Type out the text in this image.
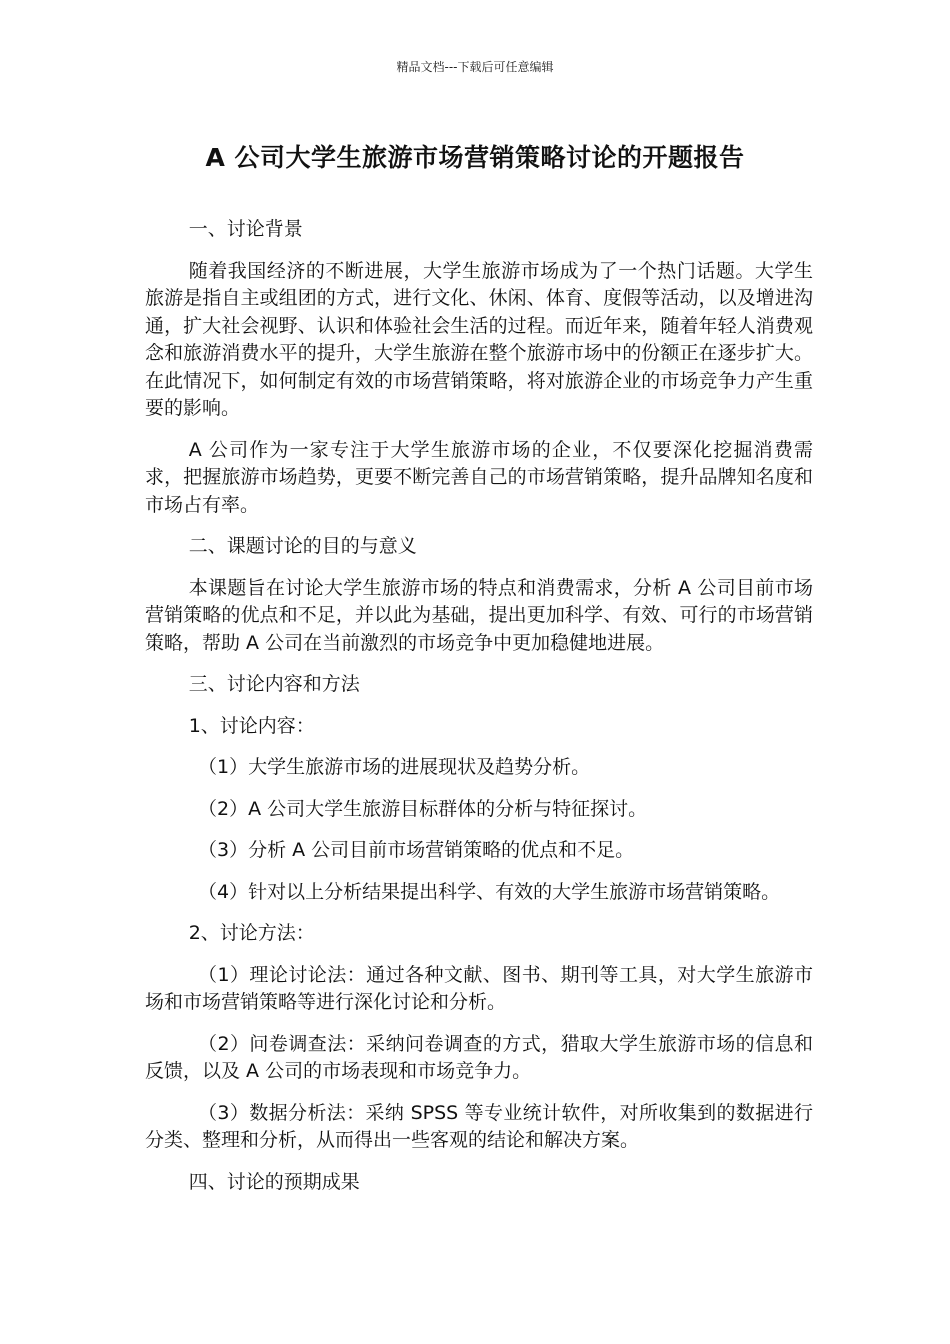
精品文档---下载后可任意编辑
A 公司大学生旅游市场营销策略讨论的开题报告

一、讨论背景

随着我国经济的不断进展，大学生旅游市场成为了一个热门话题。大学生旅游是指自主或组团的方式，进行文化、休闲、体育、度假等活动，以及增进沟通，扩大社会视野、认识和体验社会生活的过程。而近年来，随着年轻人消费观念和旅游消费水平的提升，大学生旅游在整个旅游市场中的份额正在逐步扩大。在此情况下，如何制定有效的市场营销策略，将对旅游企业的市场竞争力产生重要的影响。

A 公司作为一家专注于大学生旅游市场的企业，不仅要深化挖掘消费需求，把握旅游市场趋势，更要不断完善自己的市场营销策略，提升品牌知名度和市场占有率。

二、课题讨论的目的与意义

本课题旨在讨论大学生旅游市场的特点和消费需求，分析 A 公司目前市场营销策略的优点和不足，并以此为基础，提出更加科学、有效、可行的市场营销策略，帮助 A 公司在当前激烈的市场竞争中更加稳健地进展。

三、讨论内容和方法

1、讨论内容：

（1）大学生旅游市场的进展现状及趋势分析。

（2）A 公司大学生旅游目标群体的分析与特征探讨。

（3）分析 A 公司目前市场营销策略的优点和不足。

（4）针对以上分析结果提出科学、有效的大学生旅游市场营销策略。

2、讨论方法：

（1）理论讨论法：通过各种文献、图书、期刊等工具，对大学生旅游市场和市场营销策略等进行深化讨论和分析。

（2）问卷调查法：采纳问卷调查的方式，猎取大学生旅游市场的信息和反馈，以及 A 公司的市场表现和市场竞争力。

（3）数据分析法：采纳 SPSS 等专业统计软件，对所收集到的数据进行分类、整理和分析，从而得出一些客观的结论和解决方案。

四、讨论的预期成果
